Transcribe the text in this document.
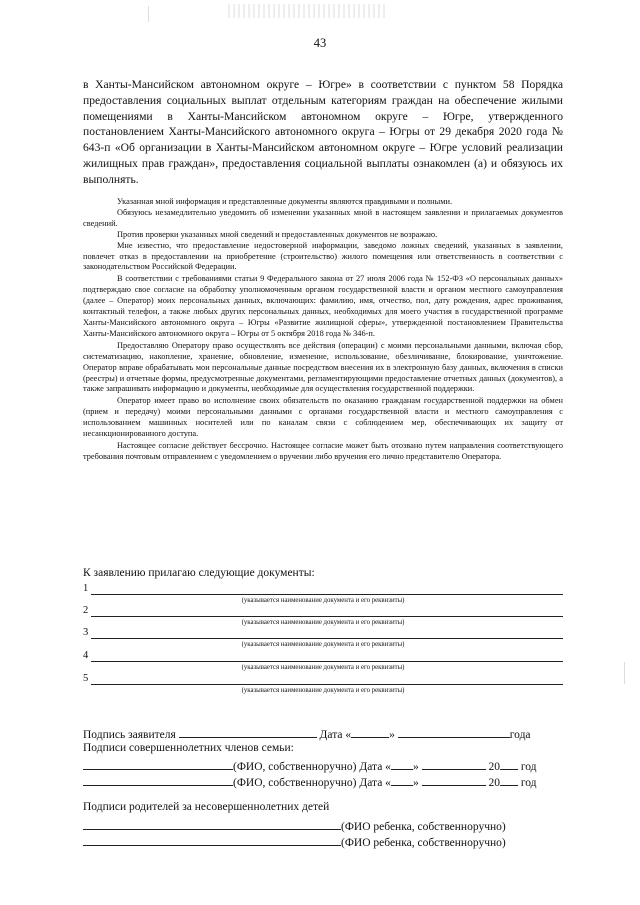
43

в Ханты-Мансийском автономном округе – Югре» в соответствии с пунктом 58 Порядка предоставления социальных выплат отдельным категориям граждан на обеспечение жилыми помещениями в Ханты-Мансийском автономном округе – Югре, утвержденного постановлением Ханты-Мансийского автономного округа – Югры от 29 декабря 2020 года № 643-п «Об организации в Ханты-Мансийском автономном округе – Югре условий реализации жилищных прав граждан», предоставления социальной выплаты ознакомлен (а) и обязуюсь их выполнять.

Указанная мной информация и представленные документы являются правдивыми и полными.

Обязуюсь незамедлительно уведомить об изменении указанных мной в настоящем заявлении и прилагаемых документов сведений.

Против проверки указанных мной сведений и предоставленных документов не возражаю.

Мне известно, что предоставление недостоверной информации, заведомо ложных сведений, указанных в заявлении, повлечет отказ в предоставлении на приобретение (строительство) жилого помещения или ответственность в соответствии с законодательством Российской Федерации.

В соответствии с требованиями статьи 9 Федерального закона от 27 июля 2006 года № 152-ФЗ «О персональных данных» подтверждаю свое согласие на обработку уполномоченным органом государственной власти и органом местного самоуправления (далее – Оператор) моих персональных данных, включающих: фамилию, имя, отчество, пол, дату рождения, адрес проживания, контактный телефон, а также любых других персональных данных, необходимых для моего участия в государственной программе Ханты-Мансийского автономного округа – Югры «Развитие жилищной сферы», утвержденной постановлением Правительства Ханты-Мансийского автономного округа – Югры от 5 октября 2018 года № 346-п.

Предоставляю Оператору право осуществлять все действия (операции) с моими персональными данными, включая сбор, систематизацию, накопление, хранение, обновление, изменение, использование, обезличивание, блокирование, уничтожение. Оператор вправе обрабатывать мои персональные данные посредством внесения их в электронную базу данных, включения в списки (реестры) и отчетные формы, предусмотренные документами, регламентирующими предоставление отчетных данных (документов), а также запрашивать информацию и документы, необходимые для осуществления государственной поддержки.

Оператор имеет право во исполнение своих обязательств по оказанию гражданам государственной поддержки на обмен (прием и передачу) моими персональными данными с органами государственной власти и местного самоуправления с использованием машинных носителей или по каналам связи с соблюдением мер, обеспечивающих их защиту от несанкционированного доступа.

Настоящее согласие действует бессрочно. Настоящее согласие может быть отозвано путем направления соответствующего требования почтовым отправлением с уведомлением о вручении либо вручения его лично представителю Оператора.

К заявлению прилагаю следующие документы:
1
(указывается наименование документа и его реквизиты)
2
(указывается наименование документа и его реквизиты)
3
(указывается наименование документа и его реквизиты)
4
(указывается наименование документа и его реквизиты)
5
(указывается наименование документа и его реквизиты)
Подпись заявителя	Дата «	»	года
Подписи совершеннолетних членов семьи:
(ФИО, собственноручно) Дата « »	20 год
(ФИО, собственноручно) Дата « »	20 год
Подписи родителей за несовершеннолетних детей
(ФИО ребенка, собственноручно)
(ФИО ребенка, собственноручно)
